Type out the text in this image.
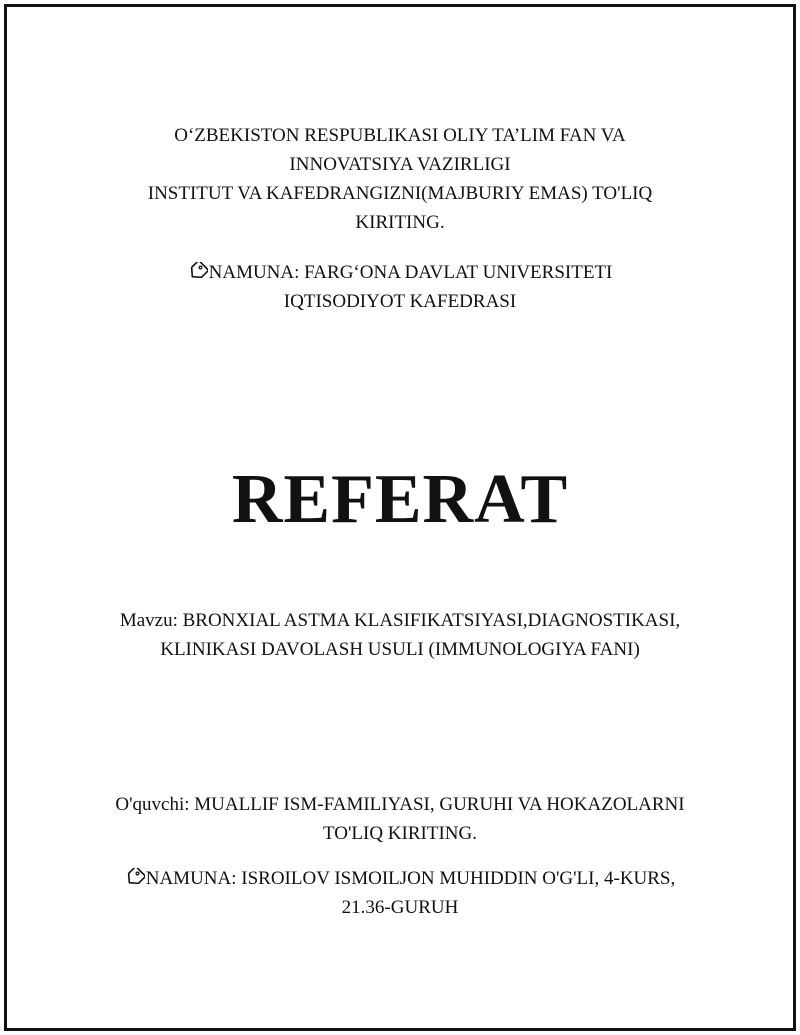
O‘ZBEKISTON RESPUBLIKASI OLIY TA’LIM FAN VA
INNOVATSIYA VAZIRLIGI
INSTITUT VA KAFEDRANGIZNI(MAJBURIY EMAS) TO'LIQ
KIRITING.
NAMUNA: FARG‘ONA DAVLAT UNIVERSITETI
IQTISODIYOT KAFEDRASI
REFERAT
Mavzu: BRONXIAL ASTMA KLASIFIKATSIYASI,DIAGNOSTIKASI,
KLINIKASI DAVOLASH USULI (IMMUNOLOGIYA FANI)
O'quvchi: MUALLIF ISM-FAMILIYASI, GURUHI VA HOKAZOLARNI
TO'LIQ KIRITING.
NAMUNA: ISROILOV ISMOILJON MUHIDDIN O'G'LI, 4-KURS,
21.36-GURUH
